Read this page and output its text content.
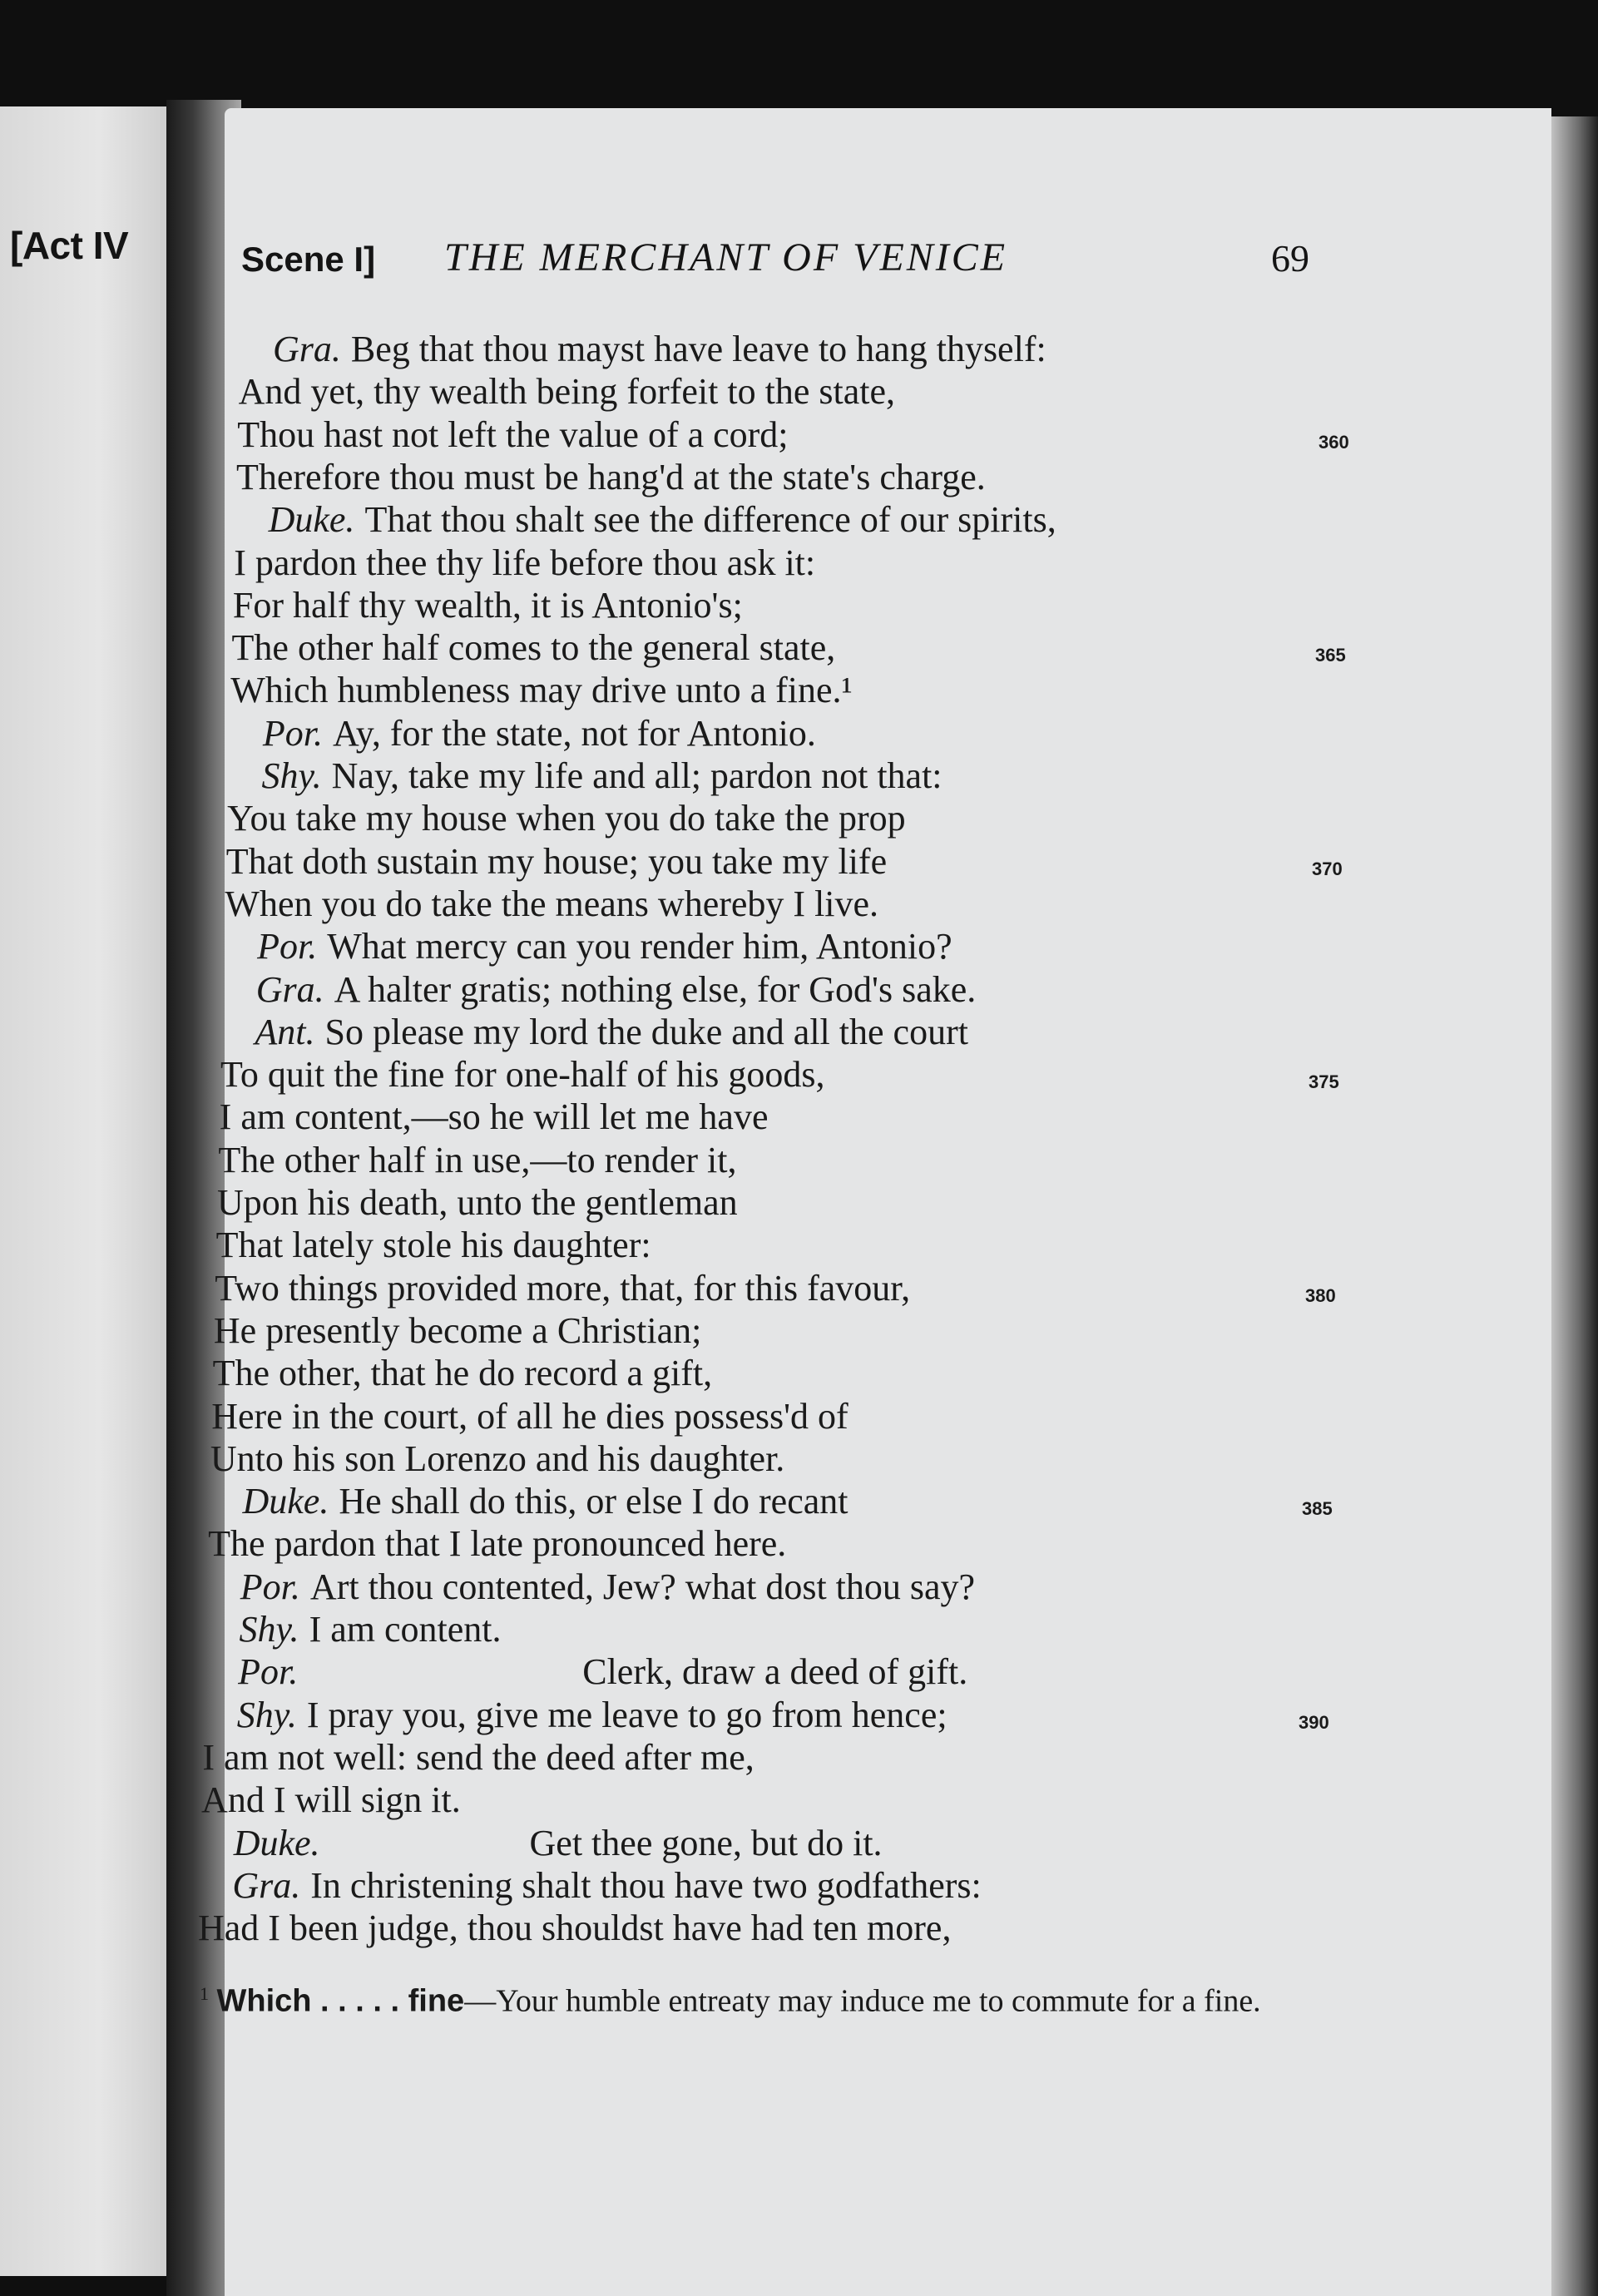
[Act IV	Scene I] THE MERCHANT OF VENICE	69
Gra. Beg that thou mayst have leave to hang thyself:
And yet, thy wealth being forfeit to the state,
Thou hast not left the value of a cord;
Therefore thou must be hang'd at the state's charge.
Duke. That thou shalt see the difference of our spirits,
I pardon thee thy life before thou ask it:
For half thy wealth, it is Antonio's;
The other half comes to the general state,
Which humbleness may drive unto a fine.¹
Por. Ay, for the state, not for Antonio.
Shy. Nay, take my life and all; pardon not that:
You take my house when you do take the prop
That doth sustain my house; you take my life
When you do take the means whereby I live.
Por. What mercy can you render him, Antonio?
Gra. A halter gratis; nothing else, for God's sake.
Ant. So please my lord the duke and all the court
To quit the fine for one-half of his goods,
I am content,—so he will let me have
The other half in use,—to render it,
Upon his death, unto the gentleman
That lately stole his daughter:
Two things provided more, that, for this favour,
He presently become a Christian;
The other, that he do record a gift,
Here in the court, of all he dies possess'd of
Unto his son Lorenzo and his daughter.
Duke. He shall do this, or else I do recant
The pardon that I late pronounced here.
Por. Art thou contented, Jew? what dost thou say?
Shy. I am content.
Por.	Clerk, draw a deed of gift.
Shy. I pray you, give me leave to go from hence;
I am not well: send the deed after me,
And I will sign it.
Duke.	Get thee gone, but do it.
Gra. In christening shalt thou have two godfathers:
Had I been judge, thou shouldst have had ten more,
360
365
370
375
380
385
390
$^1$ Which . . . . . fine—Your humble entreaty may induce me to commute for a fine.
